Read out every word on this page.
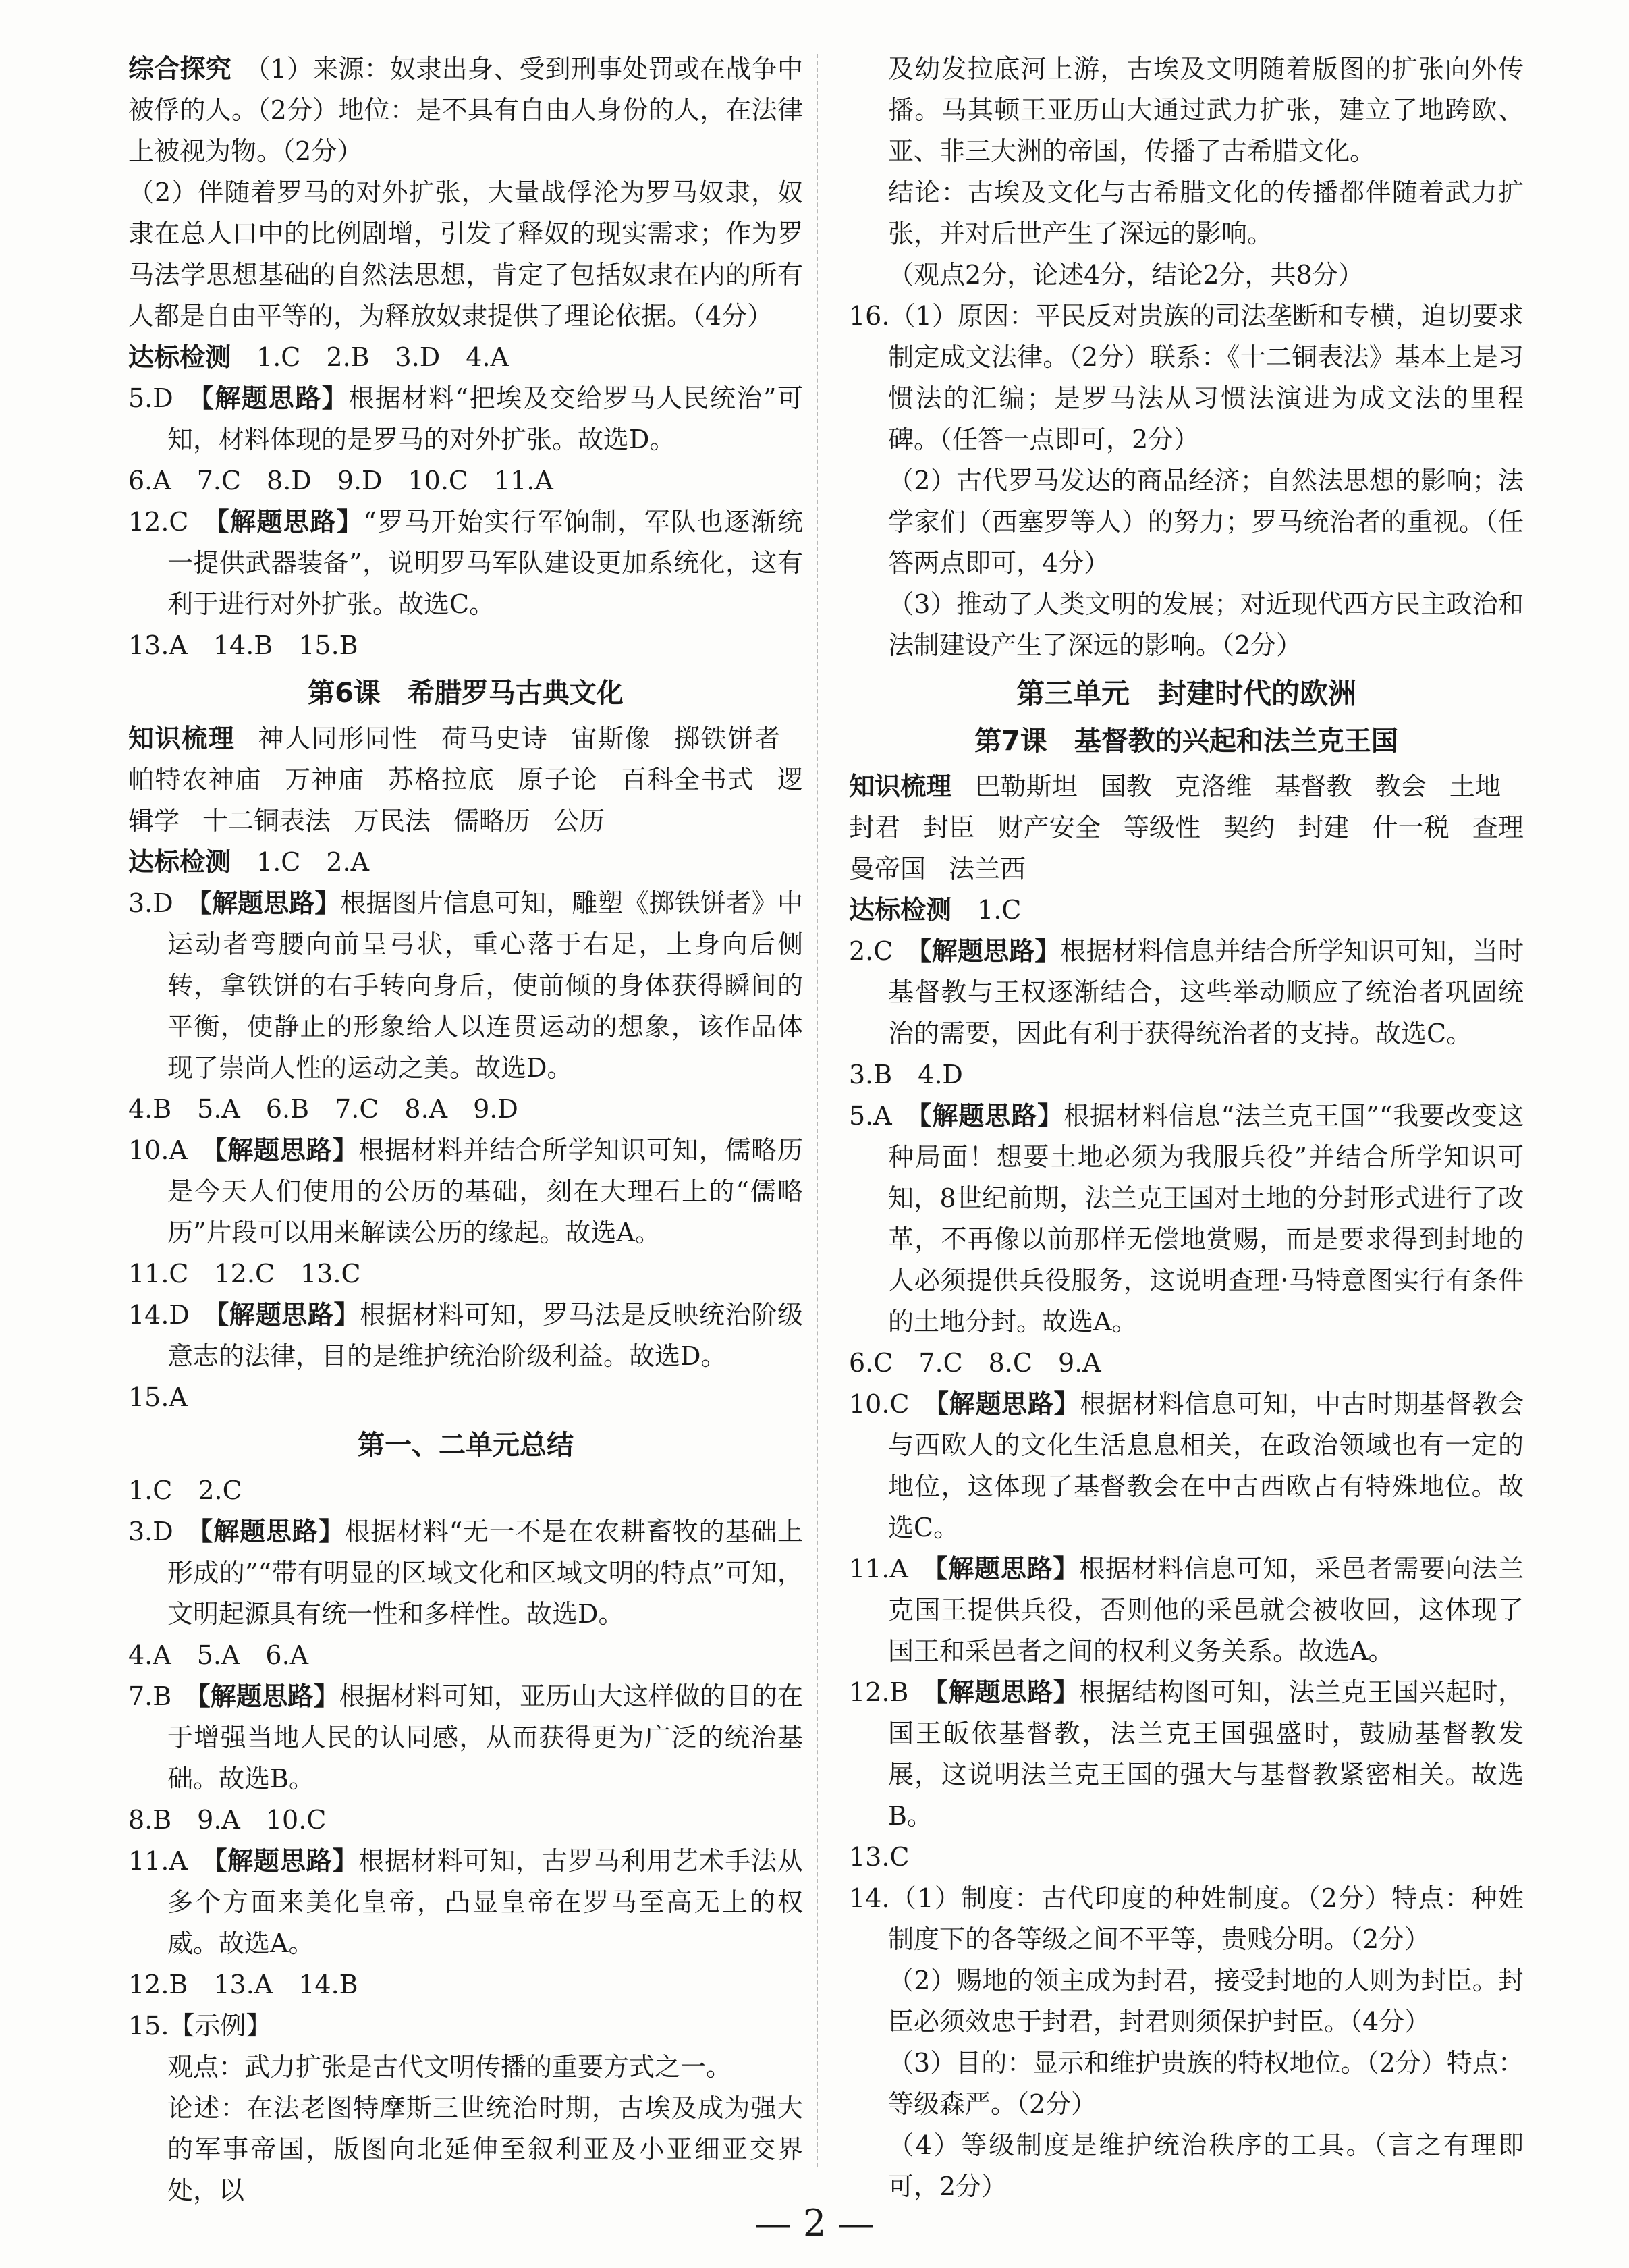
综合探究　 （1）来源：奴隶出身、受到刑事处罚或在战争中被俘的人。（2分）地位：是不具有自由人身份的人，在法律上被视为物。（2分）

（2）伴随着罗马的对外扩张，大量战俘沦为罗马奴隶，奴隶在总人口中的比例剧增，引发了释奴的现实需求；作为罗马法学思想基础的自然法思想，肯定了包括奴隶在内的所有人都是自由平等的，为释放奴隶提供了理论依据。（4分）

达标检测　 1.C　2.B　3.D　4.A

5.D　 【解题思路】根据材料“把埃及交给罗马人民统治”可知，材料体现的是罗马的对外扩张。故选D。

6.A　7.C　8.D　9.D　10.C　11.A

12.C　 【解题思路】“罗马开始实行军饷制，军队也逐渐统一提供武器装备”，说明罗马军队建设更加系统化，这有利于进行对外扩张。故选C。

13.A　14.B　15.B

第6课　希腊罗马古典文化

知识梳理 神人同形同性 荷马史诗 宙斯像 掷铁饼者帕特农神庙 万神庙 苏格拉底 原子论 百科全书式 逻辑学 十二铜表法 万民法 儒略历 公历

达标检测　 1.C　2.A

3.D　 【解题思路】根据图片信息可知，雕塑《掷铁饼者》中运动者弯腰向前呈弓状，重心落于右足，上身向后侧转，拿铁饼的右手转向身后，使前倾的身体获得瞬间的平衡，使静止的形象给人以连贯运动的想象，该作品体现了崇尚人性的运动之美。故选D。

4.B　5.A　6.B　7.C　8.A　9.D

10.A　 【解题思路】根据材料并结合所学知识可知，儒略历是今天人们使用的公历的基础，刻在大理石上的“儒略历”片段可以用来解读公历的缘起。故选A。

11.C　12.C　13.C

14.D　 【解题思路】根据材料可知，罗马法是反映统治阶级意志的法律，目的是维护统治阶级利益。故选D。

15.A

第一、二单元总结

1.C　2.C

3.D　 【解题思路】根据材料“无一不是在农耕畜牧的基础上形成的”“带有明显的区域文化和区域文明的特点”可知，文明起源具有统一性和多样性。故选D。

4.A　5.A　6.A

7.B　 【解题思路】根据材料可知，亚历山大这样做的目的在于增强当地人民的认同感，从而获得更为广泛的统治基础。故选B。

8.B　9.A　10.C

11.A　 【解题思路】根据材料可知，古罗马利用艺术手法从多个方面来美化皇帝，凸显皇帝在罗马至高无上的权威。故选A。

12.B　13.A　14.B

15.【示例】

观点：武力扩张是古代文明传播的重要方式之一。

论述：在法老图特摩斯三世统治时期，古埃及成为强大的军事帝国，版图向北延伸至叙利亚及小亚细亚交界处，以

及幼发拉底河上游，古埃及文明随着版图的扩张向外传播。马其顿王亚历山大通过武力扩张，建立了地跨欧、亚、非三大洲的帝国，传播了古希腊文化。

结论：古埃及文化与古希腊文化的传播都伴随着武力扩张，并对后世产生了深远的影响。

（观点2分，论述4分，结论2分，共8分）

16.（1）原因：平民反对贵族的司法垄断和专横，迫切要求制定成文法律。（2分）联系：《十二铜表法》基本上是习惯法的汇编；是罗马法从习惯法演进为成文法的里程碑。（任答一点即可，2分）

（2）古代罗马发达的商品经济；自然法思想的影响；法学家们（西塞罗等人）的努力；罗马统治者的重视。（任答两点即可，4分）

（3）推动了人类文明的发展；对近现代西方民主政治和法制建设产生了深远的影响。（2分）

第三单元　封建时代的欧洲
第7课　基督教的兴起和法兰克王国

知识梳理 巴勒斯坦 国教 克洛维 基督教 教会 土地封君 封臣 财产安全 等级性 契约 封建 什一税 查理曼帝国 法兰西

达标检测　 1.C

2.C　 【解题思路】根据材料信息并结合所学知识可知，当时基督教与王权逐渐结合，这些举动顺应了统治者巩固统治的需要，因此有利于获得统治者的支持。故选C。

3.B　4.D

5.A　 【解题思路】根据材料信息“法兰克王国”“我要改变这种局面！想要土地必须为我服兵役”并结合所学知识可知，8世纪前期，法兰克王国对土地的分封形式进行了改革，不再像以前那样无偿地赏赐，而是要求得到封地的人必须提供兵役服务，这说明查理·马特意图实行有条件的土地分封。故选A。

6.C　7.C　8.C　9.A

10.C　 【解题思路】根据材料信息可知，中古时期基督教会与西欧人的文化生活息息相关，在政治领域也有一定的地位，这体现了基督教会在中古西欧占有特殊地位。故选C。

11.A　 【解题思路】根据材料信息可知，采邑者需要向法兰克国王提供兵役，否则他的采邑就会被收回，这体现了国王和采邑者之间的权利义务关系。故选A。

12.B　 【解题思路】根据结构图可知，法兰克王国兴起时，国王皈依基督教，法兰克王国强盛时，鼓励基督教发展，这说明法兰克王国的强大与基督教紧密相关。故选B。

13.C

14.（1）制度：古代印度的种姓制度。（2分）特点：种姓制度下的各等级之间不平等，贵贱分明。（2分）

（2）赐地的领主成为封君，接受封地的人则为封臣。封臣必须效忠于封君，封君则须保护封臣。（4分）

（3）目的：显示和维护贵族的特权地位。（2分）特点：等级森严。（2分）

（4）等级制度是维护统治秩序的工具。（言之有理即可，2分）

— 2 —
